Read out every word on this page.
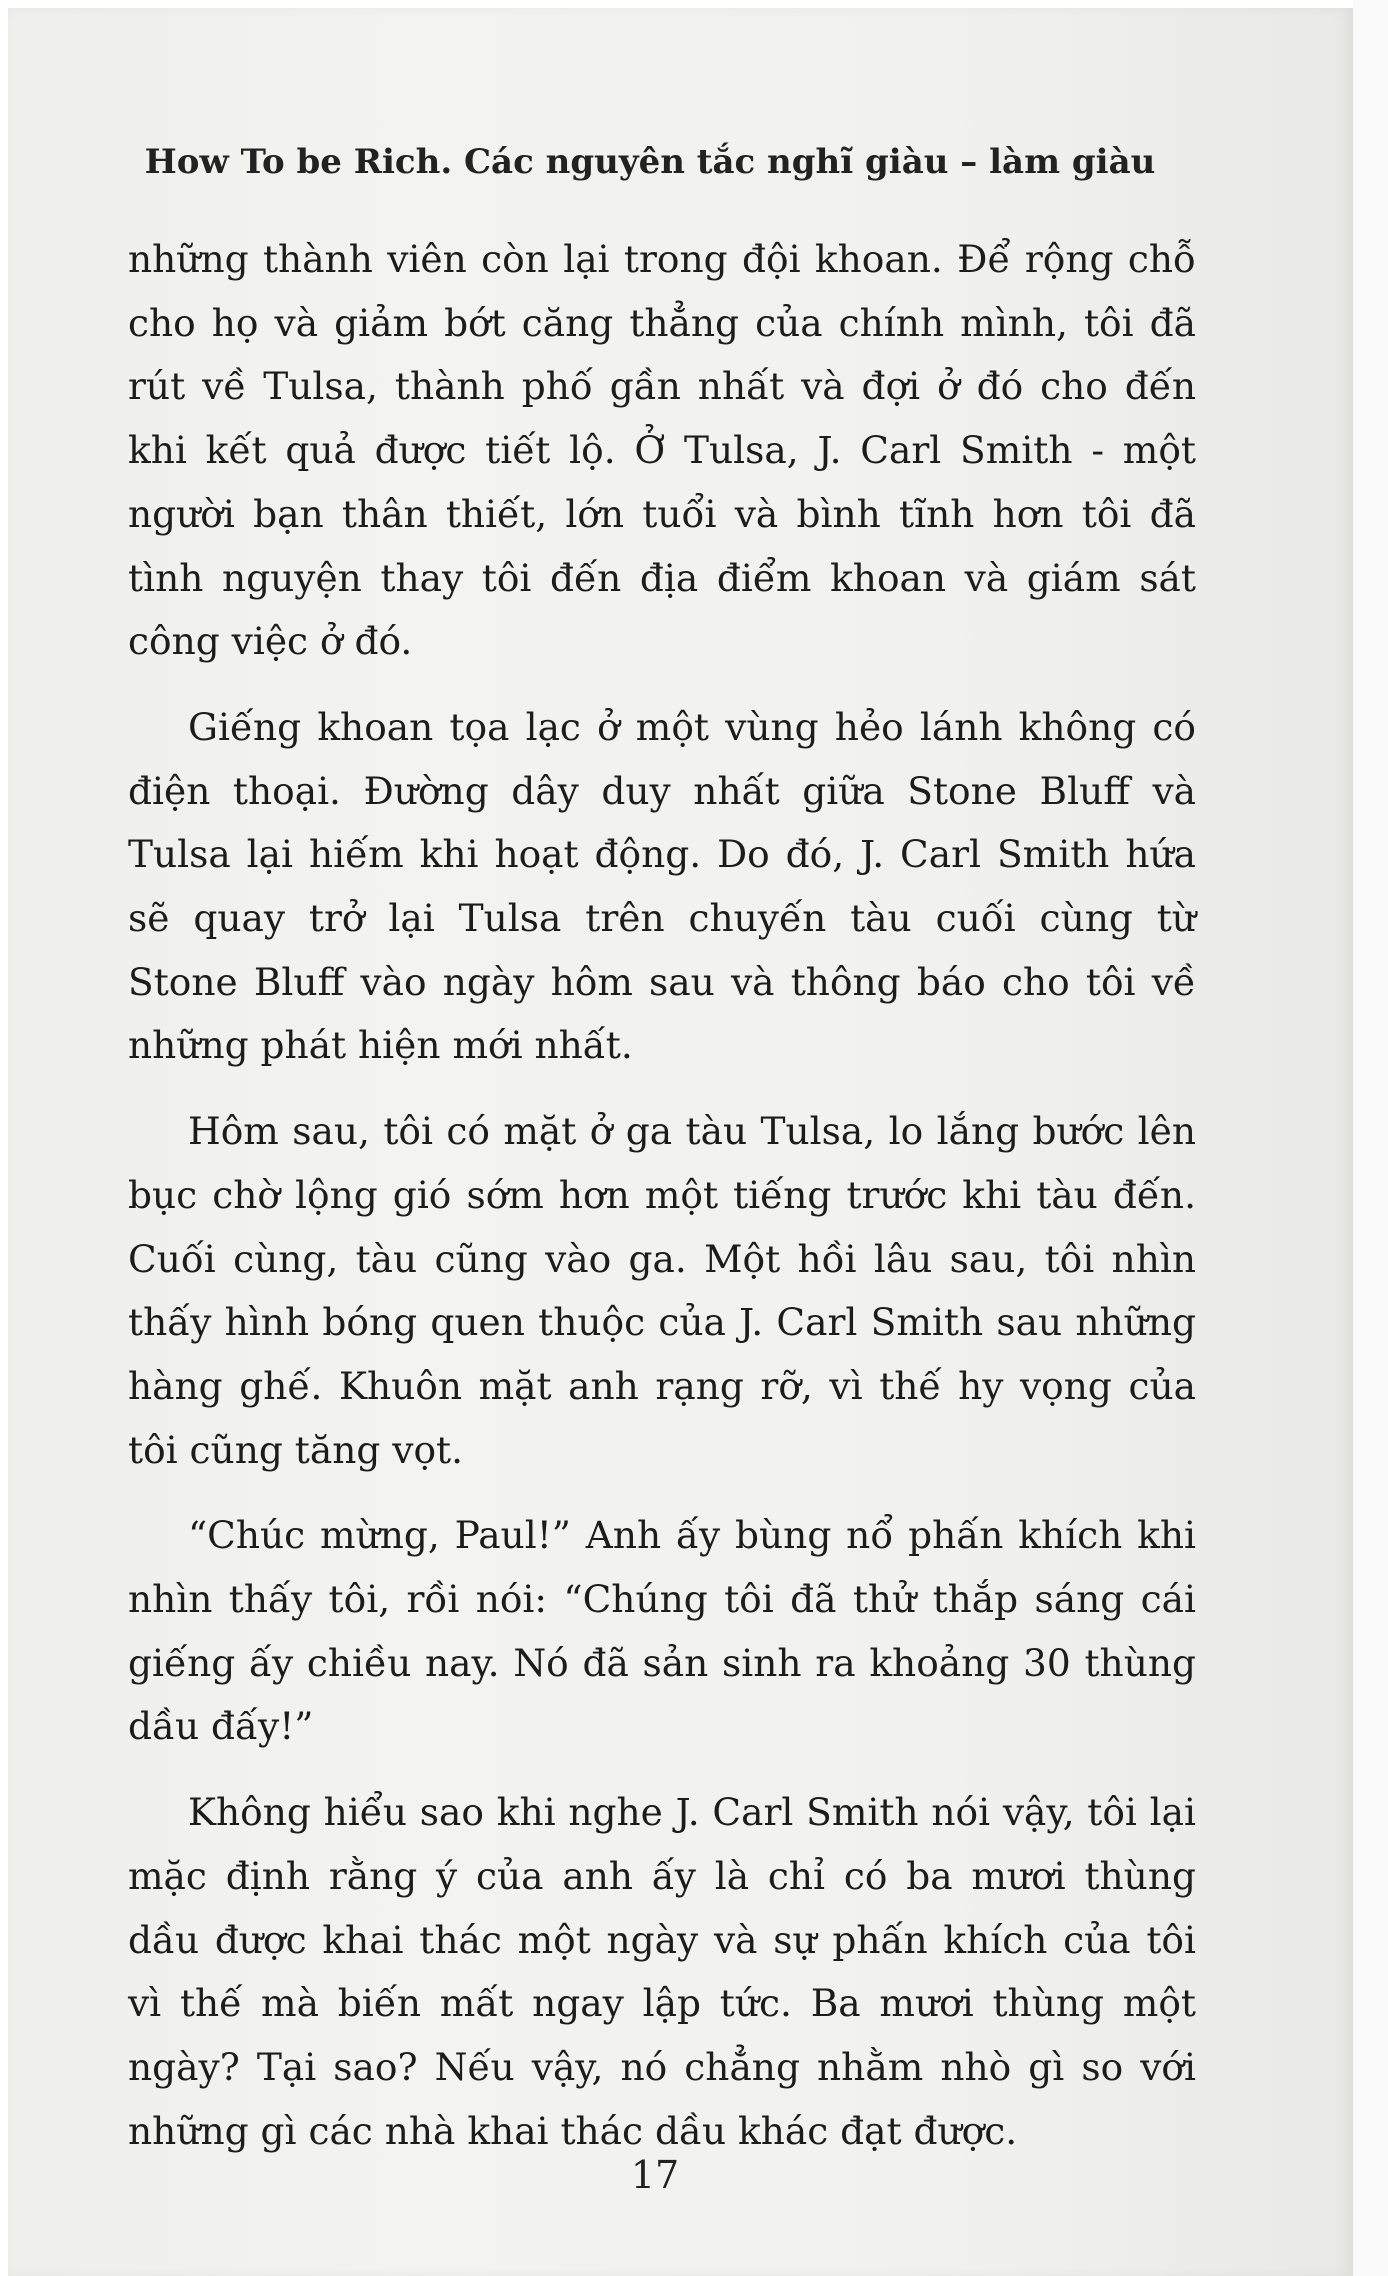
How To be Rich. Các nguyên tắc nghĩ giàu – làm giàu

những thành viên còn lại trong đội khoan. Để rộng chỗ cho họ và giảm bớt căng thẳng của chính mình, tôi đã rút về Tulsa, thành phố gần nhất và đợi ở đó cho đến khi kết quả được tiết lộ. Ở Tulsa, J. Carl Smith - một người bạn thân thiết, lớn tuổi và bình tĩnh hơn tôi đã tình nguyện thay tôi đến địa điểm khoan và giám sát công việc ở đó.

Giếng khoan tọa lạc ở một vùng hẻo lánh không có điện thoại. Đường dây duy nhất giữa Stone Bluff và Tulsa lại hiếm khi hoạt động. Do đó, J. Carl Smith hứa sẽ quay trở lại Tulsa trên chuyến tàu cuối cùng từ Stone Bluff vào ngày hôm sau và thông báo cho tôi về những phát hiện mới nhất.

Hôm sau, tôi có mặt ở ga tàu Tulsa, lo lắng bước lên bục chờ lộng gió sớm hơn một tiếng trước khi tàu đến. Cuối cùng, tàu cũng vào ga. Một hồi lâu sau, tôi nhìn thấy hình bóng quen thuộc của J. Carl Smith sau những hàng ghế. Khuôn mặt anh rạng rỡ, vì thế hy vọng của tôi cũng tăng vọt.

“Chúc mừng, Paul!” Anh ấy bùng nổ phấn khích khi nhìn thấy tôi, rồi nói: “Chúng tôi đã thử thắp sáng cái giếng ấy chiều nay. Nó đã sản sinh ra khoảng 30 thùng dầu đấy!”

Không hiểu sao khi nghe J. Carl Smith nói vậy, tôi lại mặc định rằng ý của anh ấy là chỉ có ba mươi thùng dầu được khai thác một ngày và sự phấn khích của tôi vì thế mà biến mất ngay lập tức. Ba mươi thùng một ngày? Tại sao? Nếu vậy, nó chẳng nhằm nhò gì so với những gì các nhà khai thác dầu khác đạt được.

17
